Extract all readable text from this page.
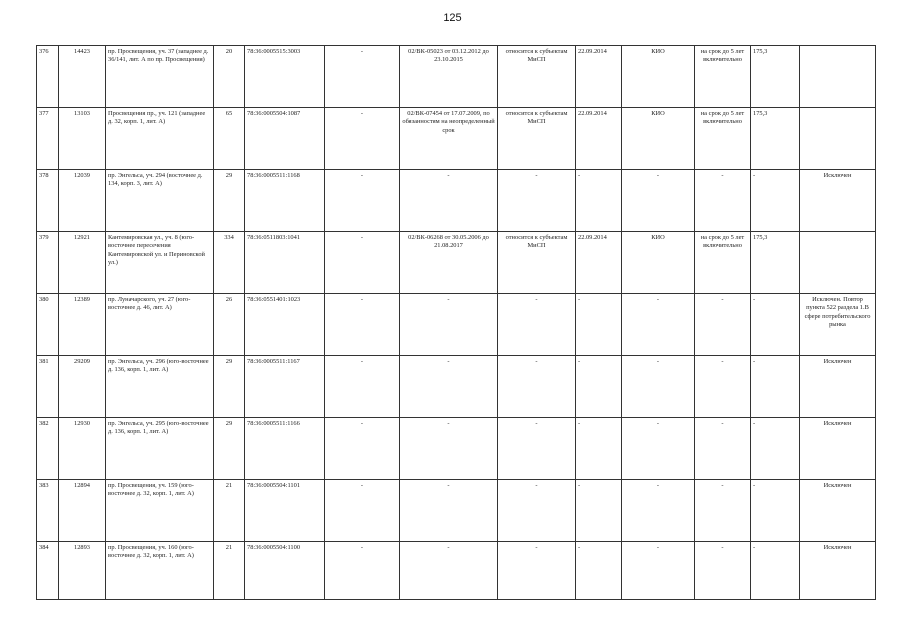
125
376	14423	пр. Просвещения, уч. 37 (западнее д. 36/141, лит. А по пр. Просвещения)	20	78:36:0005515:3003	-	02/ВК-05023 от 03.12.2012 до 23.10.2015	относится к субъектам МиСП	22.09.2014	КИО	на срок до 5 лет включительно	175,3	
377	13103	Просвещения пр., уч. 121 (западнее д. 32, корп. 1, лит. А)	65	78:36:0005504:1087	-	02/ВК-07454 от 17.07.2009, по обязанностям на неопределенный срок	относится к субъектам МиСП	22.09.2014	КИО	на срок до 5 лет включительно	175,3	
378	12039	пр. Энгельса, уч. 294 (восточнее д. 134, корп. 3, лит. А)	29	78:36:0005511:1168	-	-	-	-	-	-	-	Исключен
379	12921	Кантемировская ул., уч. 8 (юго-восточнее пересечения Кантемировской ул. и Периновской ул.)	334	78:36:0511803:1041	-	02/ВК-06268 от 30.05.2006 до 21.08.2017	относится к субъектам МиСП	22.09.2014	КИО	на срок до 5 лет включительно	175,3	
380	12389	пр. Луначарского, уч. 27 (юго-восточнее д. 46, лит. А)	26	78:36:0551401:1023	-	-	-	-	-	-	-	Исключен. Повтор пункта 522 раздела 1.В сфере потребительского рынка
381	29209	пр. Энгельса, уч. 296 (юго-восточнее д. 136, корп. 1, лит. А)	29	78:36:0005511:1167	-	-	-	-	-	-	-	Исключен
382	12930	пр. Энгельса, уч. 295 (юго-восточнее д. 136, корп. 1, лит. А)	29	78:36:0005511:1166	-	-	-	-	-	-	-	Исключен
383	12894	пр. Просвещения, уч. 159 (юго-восточнее д. 32, корп. 1, лит. А)	21	78:36:0005504:1101	-	-	-	-	-	-	-	Исключен
384	12893	пр. Просвещения, уч. 160 (юго-восточнее д. 32, корп. 1, лит. А)	21	78:36:0005504:1100	-	-	-	-	-	-	-	Исключен
